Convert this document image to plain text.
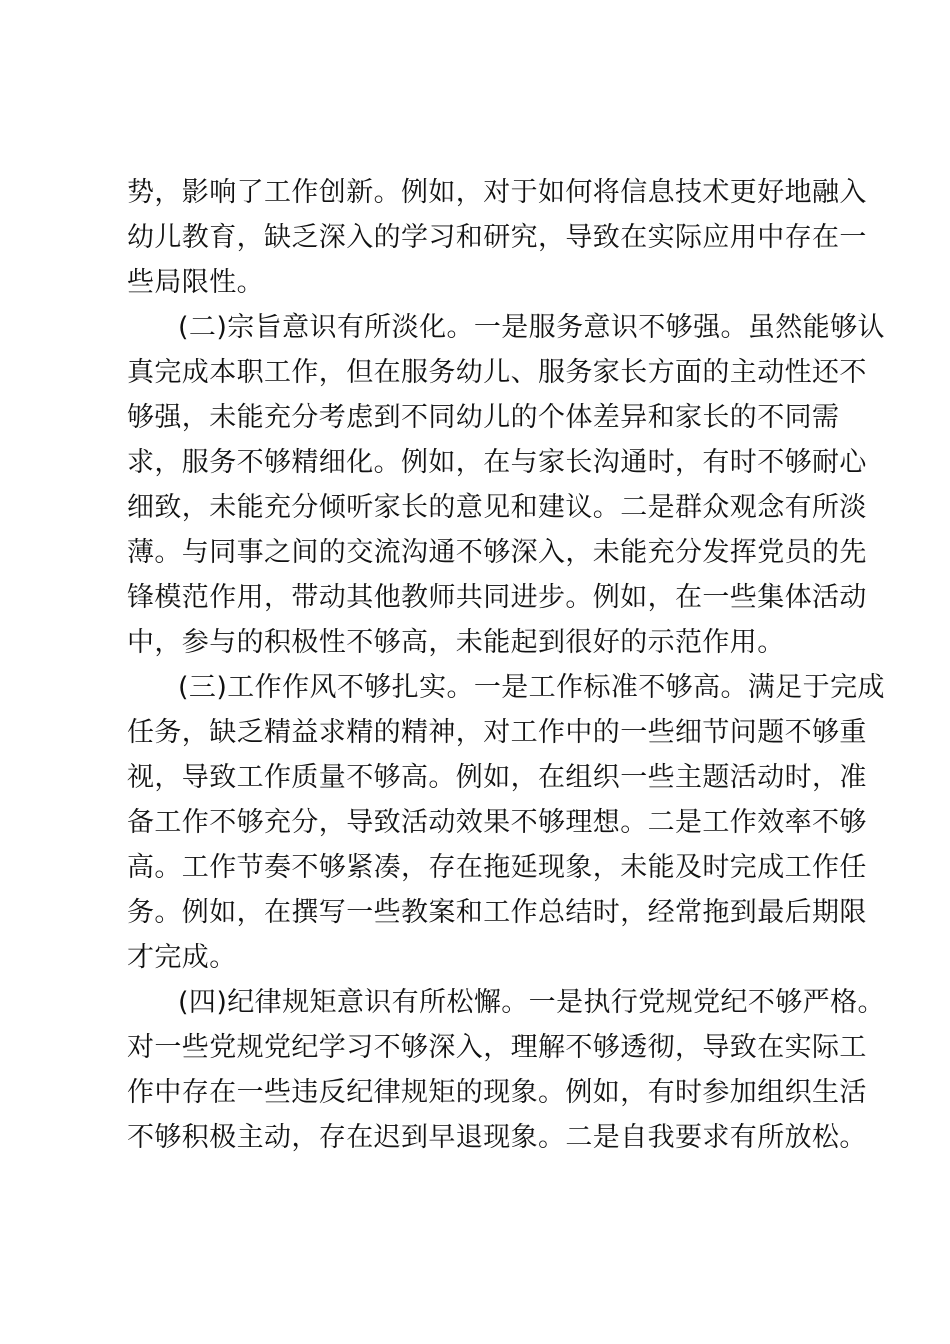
势，影响了工作创新。例如，对于如何将信息技术更好地融入
幼儿教育，缺乏深入的学习和研究，导致在实际应用中存在一
些局限性。
(二)宗旨意识有所淡化。一是服务意识不够强。虽然能够认
真完成本职工作，但在服务幼儿、服务家长方面的主动性还不
够强，未能充分考虑到不同幼儿的个体差异和家长的不同需
求，服务不够精细化。例如，在与家长沟通时，有时不够耐心
细致，未能充分倾听家长的意见和建议。二是群众观念有所淡
薄。与同事之间的交流沟通不够深入，未能充分发挥党员的先
锋模范作用，带动其他教师共同进步。例如，在一些集体活动
中，参与的积极性不够高，未能起到很好的示范作用。
(三)工作作风不够扎实。一是工作标准不够高。满足于完成
任务，缺乏精益求精的精神，对工作中的一些细节问题不够重
视，导致工作质量不够高。例如，在组织一些主题活动时，准
备工作不够充分，导致活动效果不够理想。二是工作效率不够
高。工作节奏不够紧凑，存在拖延现象，未能及时完成工作任
务。例如，在撰写一些教案和工作总结时，经常拖到最后期限
才完成。
(四)纪律规矩意识有所松懈。一是执行党规党纪不够严格。
对一些党规党纪学习不够深入，理解不够透彻，导致在实际工
作中存在一些违反纪律规矩的现象。例如，有时参加组织生活
不够积极主动，存在迟到早退现象。二是自我要求有所放松。
